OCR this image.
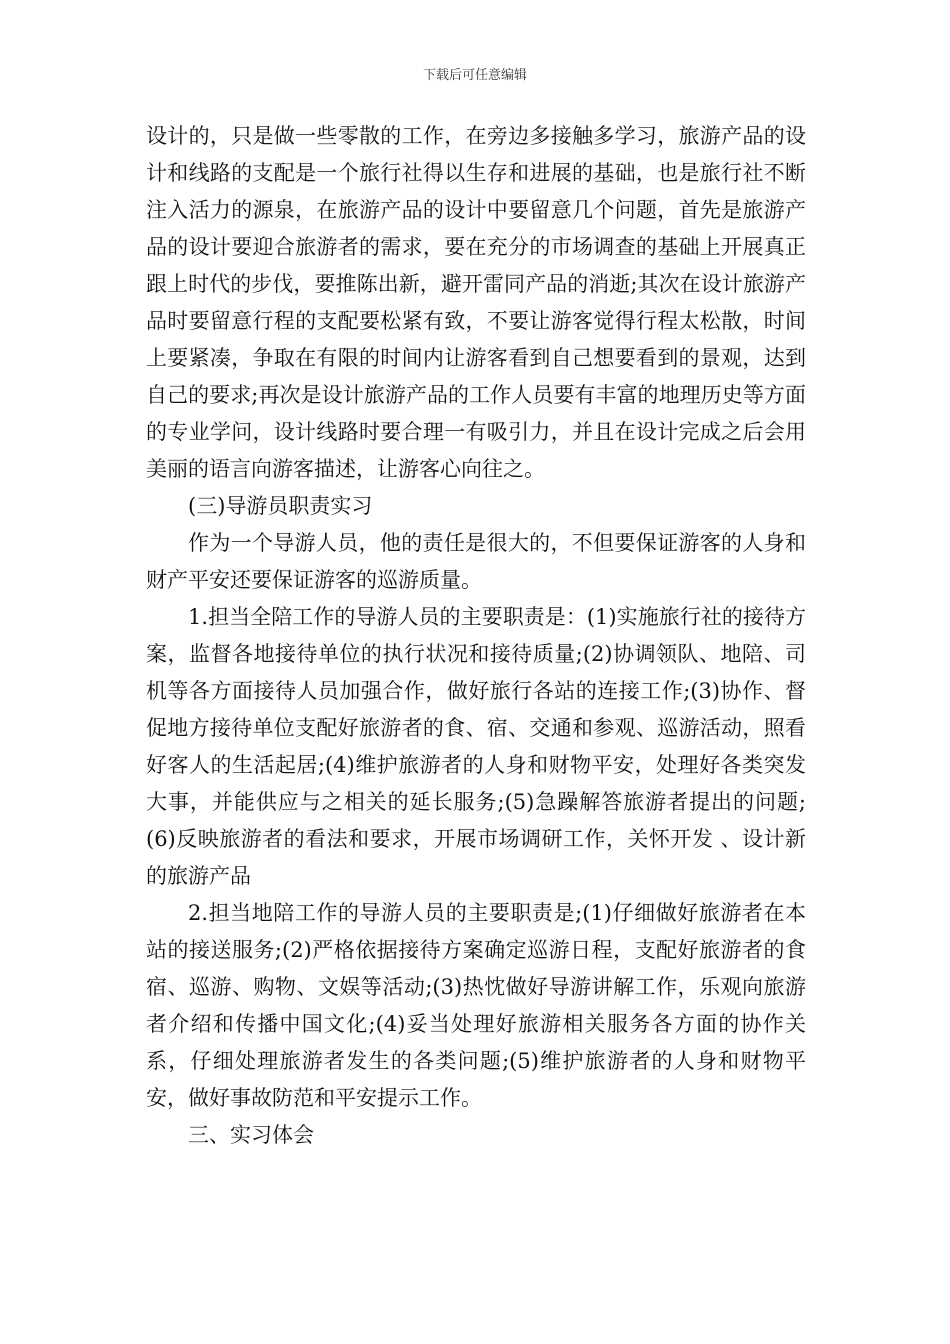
下载后可任意编辑

设计的，只是做一些零散的工作，在旁边多接触多学习，旅游产品的设计和线路的支配是一个旅行社得以生存和进展的基础，也是旅行社不断注入活力的源泉，在旅游产品的设计中要留意几个问题，首先是旅游产品的设计要迎合旅游者的需求，要在充分的市场调查的基础上开展真正跟上时代的步伐，要推陈出新，避开雷同产品的消逝;其次在设计旅游产品时要留意行程的支配要松紧有致，不要让游客觉得行程太松散，时间上要紧凑，争取在有限的时间内让游客看到自己想要看到的景观，达到自己的要求;再次是设计旅游产品的工作人员要有丰富的地理历史等方面的专业学问，设计线路时要合理一有吸引力，并且在设计完成之后会用美丽的语言向游客描述，让游客心向往之。

(三)导游员职责实习

作为一个导游人员，他的责任是很大的，不但要保证游客的人身和财产平安还要保证游客的巡游质量。

1.担当全陪工作的导游人员的主要职责是：(1)实施旅行社的接待方案，监督各地接待单位的执行状况和接待质量;(2)协调领队、地陪、司机等各方面接待人员加强合作，做好旅行各站的连接工作;(3)协作、督促地方接待单位支配好旅游者的食、宿、交通和参观、巡游活动，照看好客人的生活起居;(4)维护旅游者的人身和财物平安，处理好各类突发大事，并能供应与之相关的延长服务;(5)急躁解答旅游者提出的问题;(6)反映旅游者的看法和要求，开展市场调研工作，关怀开发 、设计新的旅游产品

2.担当地陪工作的导游人员的主要职责是;(1)仔细做好旅游者在本站的接送服务;(2)严格依据接待方案确定巡游日程，支配好旅游者的食宿、巡游、购物、文娱等活动;(3)热忱做好导游讲解工作，乐观向旅游者介绍和传播中国文化;(4)妥当处理好旅游相关服务各方面的协作关系，仔细处理旅游者发生的各类问题;(5)维护旅游者的人身和财物平安，做好事故防范和平安提示工作。

三、实习体会
